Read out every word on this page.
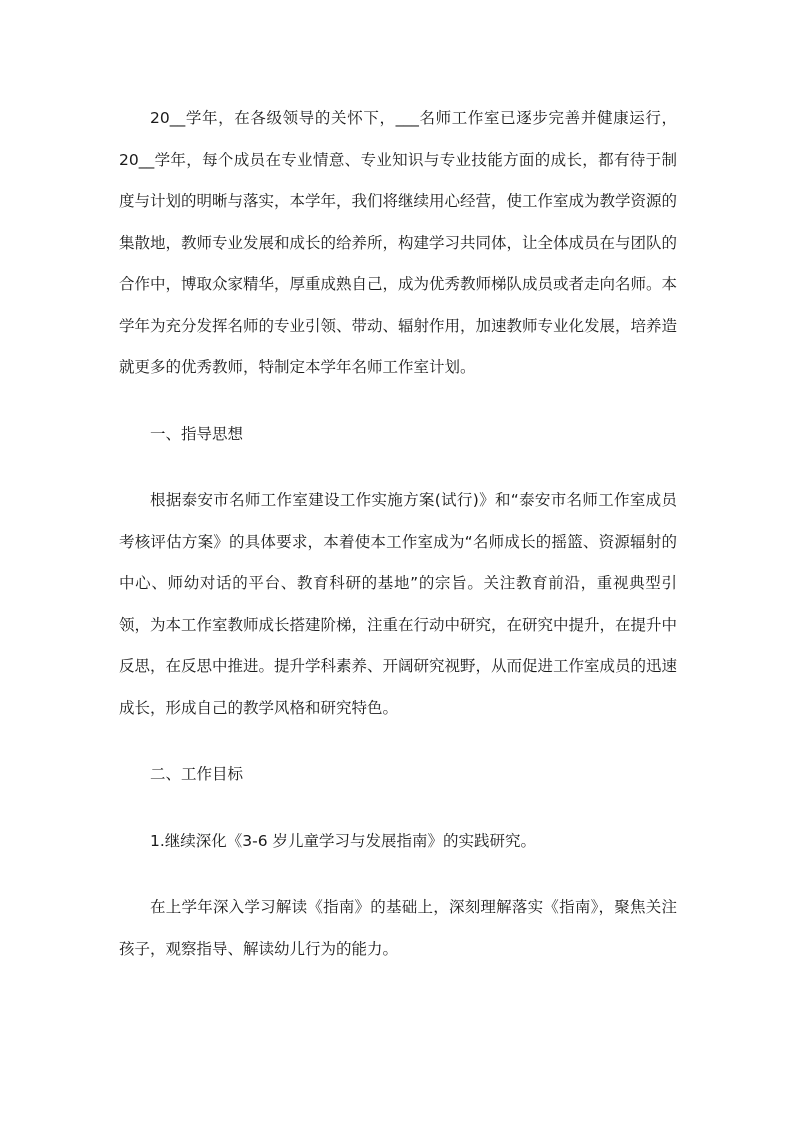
20__学年，在各级领导的关怀下，___名师工作室已逐步完善并健康运行，20__学年，每个成员在专业情意、专业知识与专业技能方面的成长，都有待于制度与计划的明晰与落实，本学年，我们将继续用心经营，使工作室成为教学资源的集散地，教师专业发展和成长的给养所，构建学习共同体，让全体成员在与团队的合作中，博取众家精华，厚重成熟自己，成为优秀教师梯队成员或者走向名师。本学年为充分发挥名师的专业引领、带动、辐射作用，加速教师专业化发展，培养造就更多的优秀教师，特制定本学年名师工作室计划。

一、指导思想

根据泰安市名师工作室建设工作实施方案(试行)》和“泰安市名师工作室成员考核评估方案》的具体要求，本着使本工作室成为“名师成长的摇篮、资源辐射的中心、师幼对话的平台、教育科研的基地”的宗旨。关注教育前沿，重视典型引领，为本工作室教师成长搭建阶梯，注重在行动中研究，在研究中提升，在提升中反思，在反思中推进。提升学科素养、开阔研究视野，从而促进工作室成员的迅速成长，形成自己的教学风格和研究特色。

二、工作目标

1.继续深化《3-6 岁儿童学习与发展指南》的实践研究。

在上学年深入学习解读《指南》的基础上，深刻理解落实《指南》，聚焦关注孩子，观察指导、解读幼儿行为的能力。
